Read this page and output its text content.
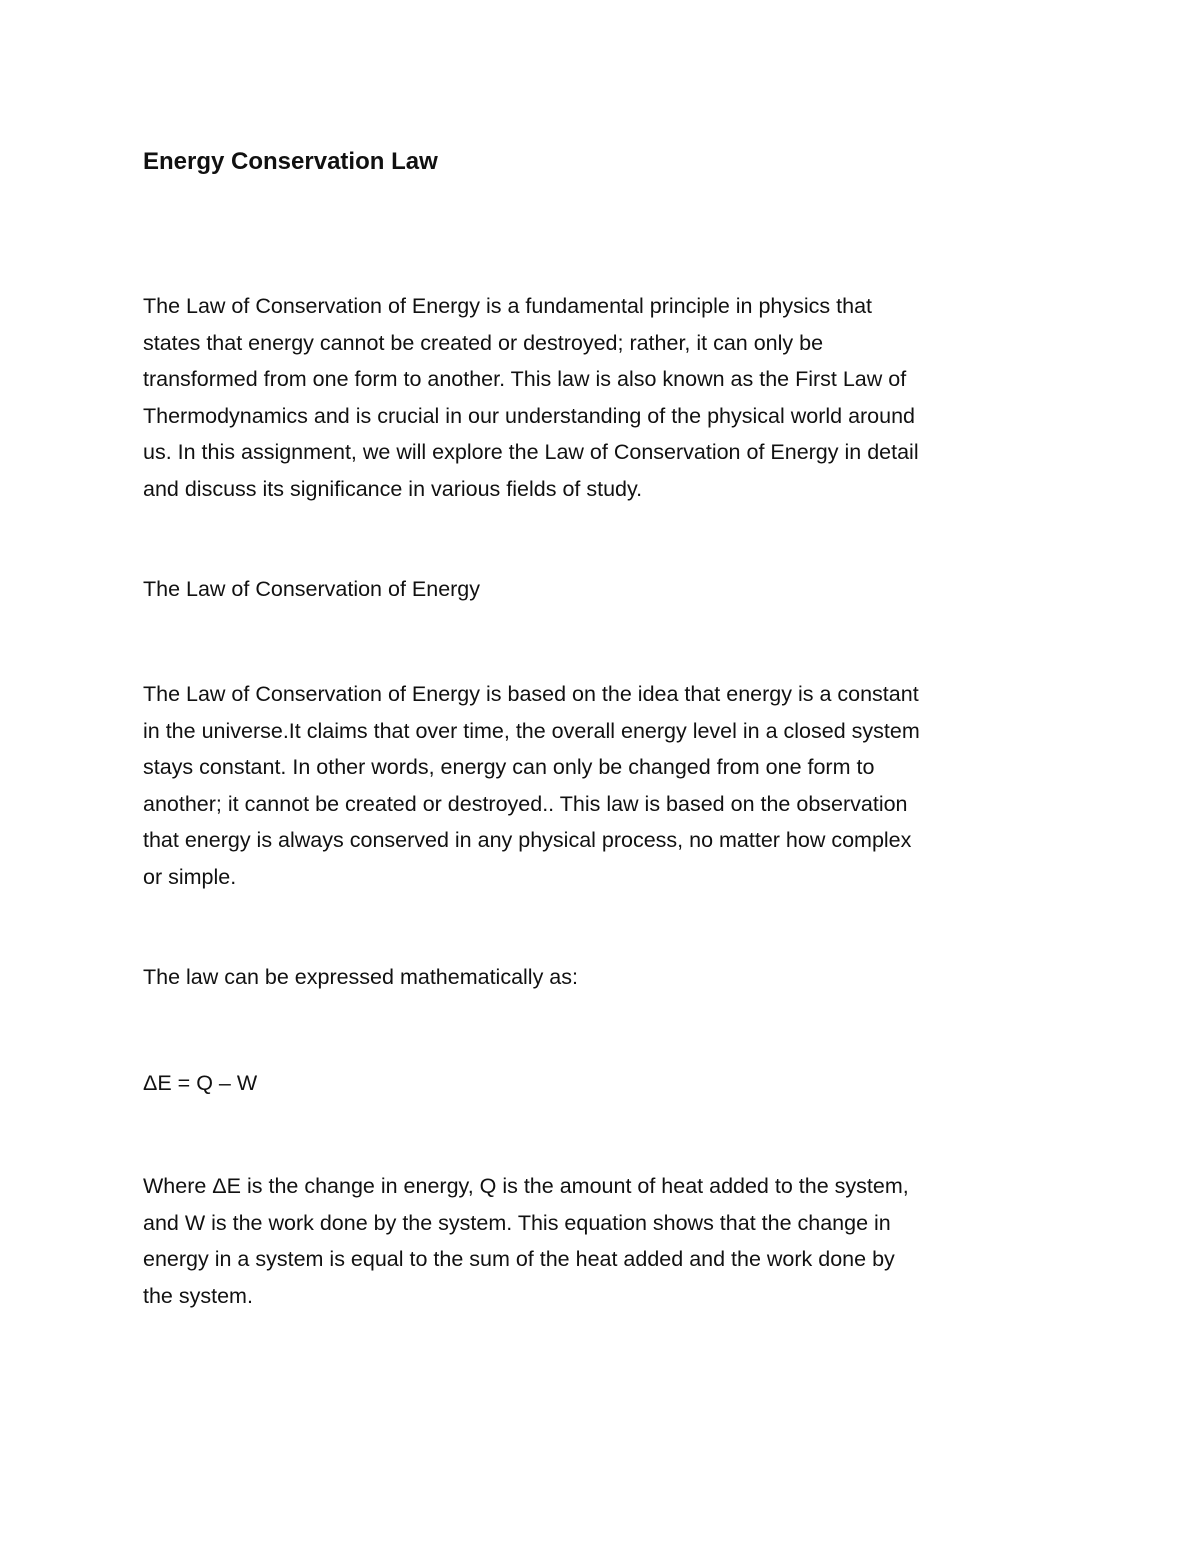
Energy Conservation Law

The Law of Conservation of Energy is a fundamental principle in physics that
states that energy cannot be created or destroyed; rather, it can only be
transformed from one form to another. This law is also known as the First Law of
Thermodynamics and is crucial in our understanding of the physical world around
us. In this assignment, we will explore the Law of Conservation of Energy in detail
and discuss its significance in various fields of study.

The Law of Conservation of Energy

The Law of Conservation of Energy is based on the idea that energy is a constant
in the universe.It claims that over time, the overall energy level in a closed system
stays constant. In other words, energy can only be changed from one form to
another; it cannot be created or destroyed.. This law is based on the observation
that energy is always conserved in any physical process, no matter how complex
or simple.

The law can be expressed mathematically as:

ΔE = Q – W

Where ΔE is the change in energy, Q is the amount of heat added to the system,
and W is the work done by the system. This equation shows that the change in
energy in a system is equal to the sum of the heat added and the work done by
the system.
